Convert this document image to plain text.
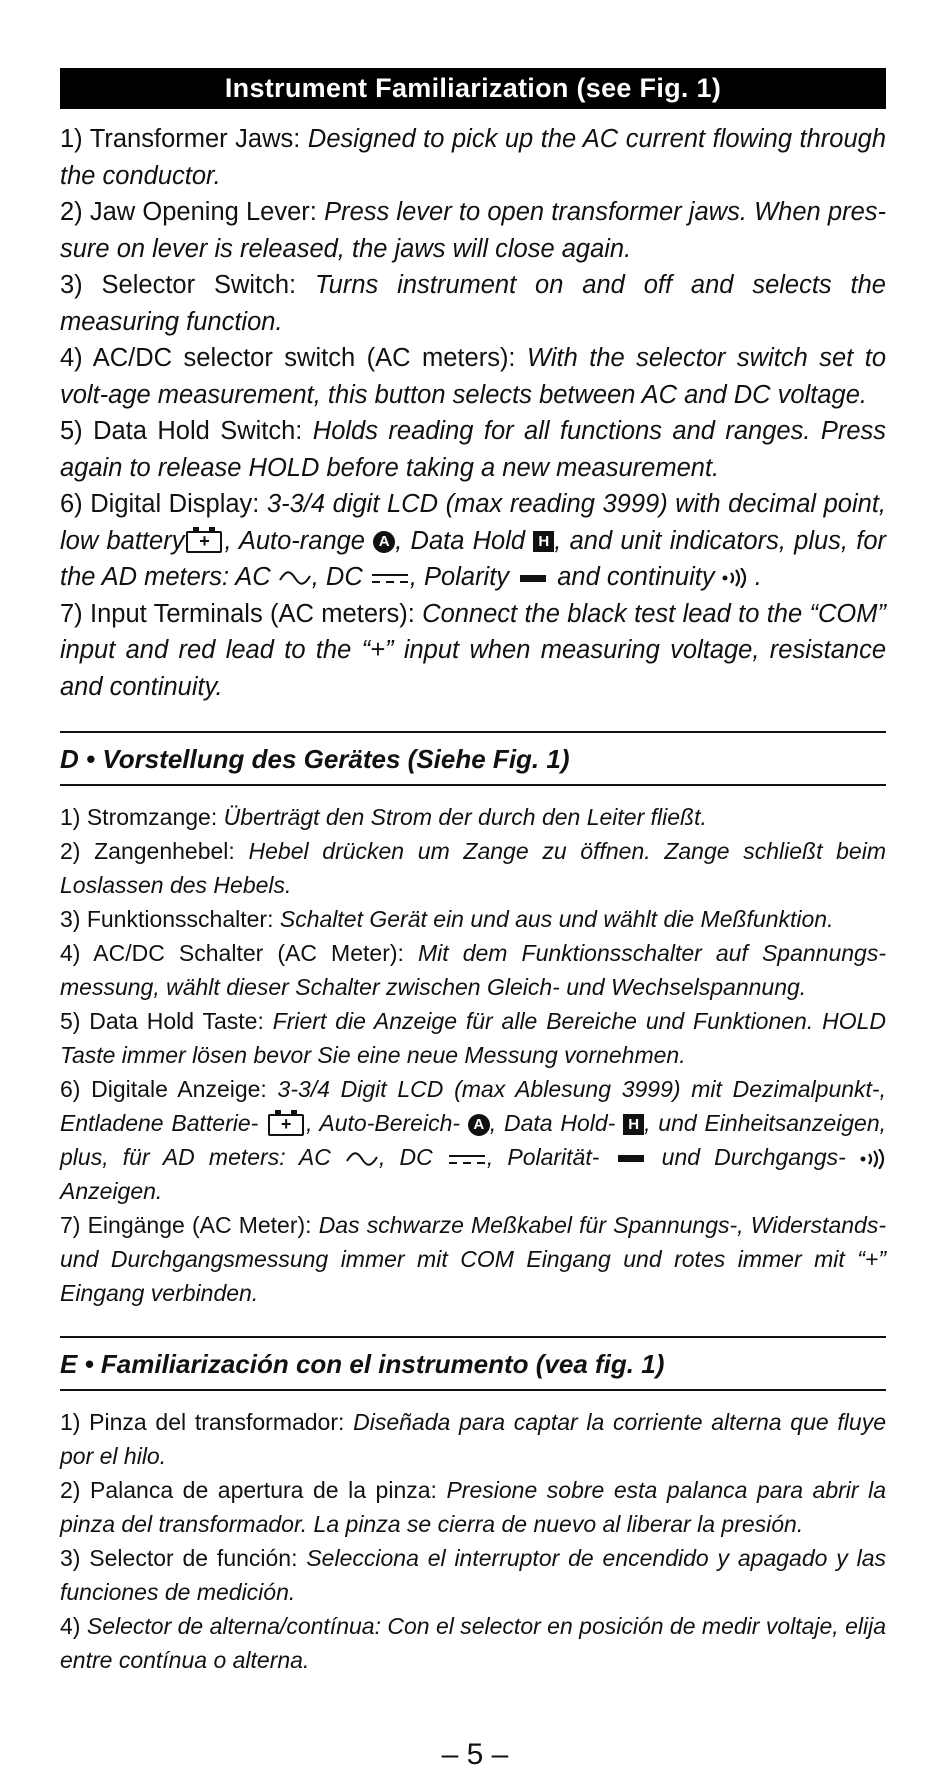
Instrument Familiarization (see Fig. 1)

1) Transformer Jaws: Designed to pick up the AC current flowing through the conductor.

2) Jaw Opening Lever: Press lever to open transformer jaws. When pres-sure on lever is released, the jaws will close again.

3) Selector Switch: Turns instrument on and off and selects the measuring function.

4) AC/DC selector switch (AC meters): With the selector switch set to volt-age measurement, this button selects between AC and DC voltage.

5) Data Hold Switch: Holds reading for all functions and ranges. Press again to release HOLD before taking a new measurement.

6) Digital Display: 3-3/4 digit LCD (max reading 3999) with decimal point, low battery + , Auto-range A , Data Hold H , and unit indicators, plus, for the AD meters: AC , DC , Polarity  and continuity  .

7) Input Terminals (AC meters): Connect the black test lead to the “COM” input and red lead to the “+” input when measuring voltage, resistance and continuity.

D • Vorstellung des Gerätes (Siehe Fig. 1)

1) Stromzange: Überträgt den Strom der durch den Leiter fließt.

2) Zangenhebel: Hebel drücken um Zange zu öffnen. Zange schließt beim Loslassen des Hebels.

3) Funktionsschalter: Schaltet Gerät ein und aus und wählt die Meßfunktion.

4) AC/DC Schalter (AC Meter): Mit dem Funktionsschalter auf Spannungs-messung, wählt dieser Schalter zwischen Gleich- und Wechselspannung.

5) Data Hold Taste: Friert die Anzeige für alle Bereiche und Funktionen. HOLD Taste immer lösen bevor Sie eine neue Messung vornehmen.

6) Digitale Anzeige: 3-3/4 Digit LCD (max Ablesung 3999) mit Dezimalpunkt-, Entladene Batterie- + , Auto-Bereich- A , Data Hold- H , und Einheitsanzeigen, plus, für AD meters: AC , DC , Polarität-  und Durchgangs-  Anzeigen.

7) Eingänge (AC Meter): Das schwarze Meßkabel für Spannungs-, Widerstands- und Durchgangsmessung immer mit COM Eingang und rotes immer mit “+” Eingang verbinden.

E • Familiarización con el instrumento (vea fig. 1)

1) Pinza del transformador: Diseñada para captar la corriente alterna que fluye por el hilo.

2) Palanca de apertura de la pinza: Presione sobre esta palanca para abrir la pinza del transformador. La pinza se cierra de nuevo al liberar la presión.

3) Selector de función: Selecciona el interruptor de encendido y apagado y las funciones de medición.

4) Selector de alterna/contínua: Con el selector en posición de medir voltaje, elija entre contínua o alterna.

– 5 –
